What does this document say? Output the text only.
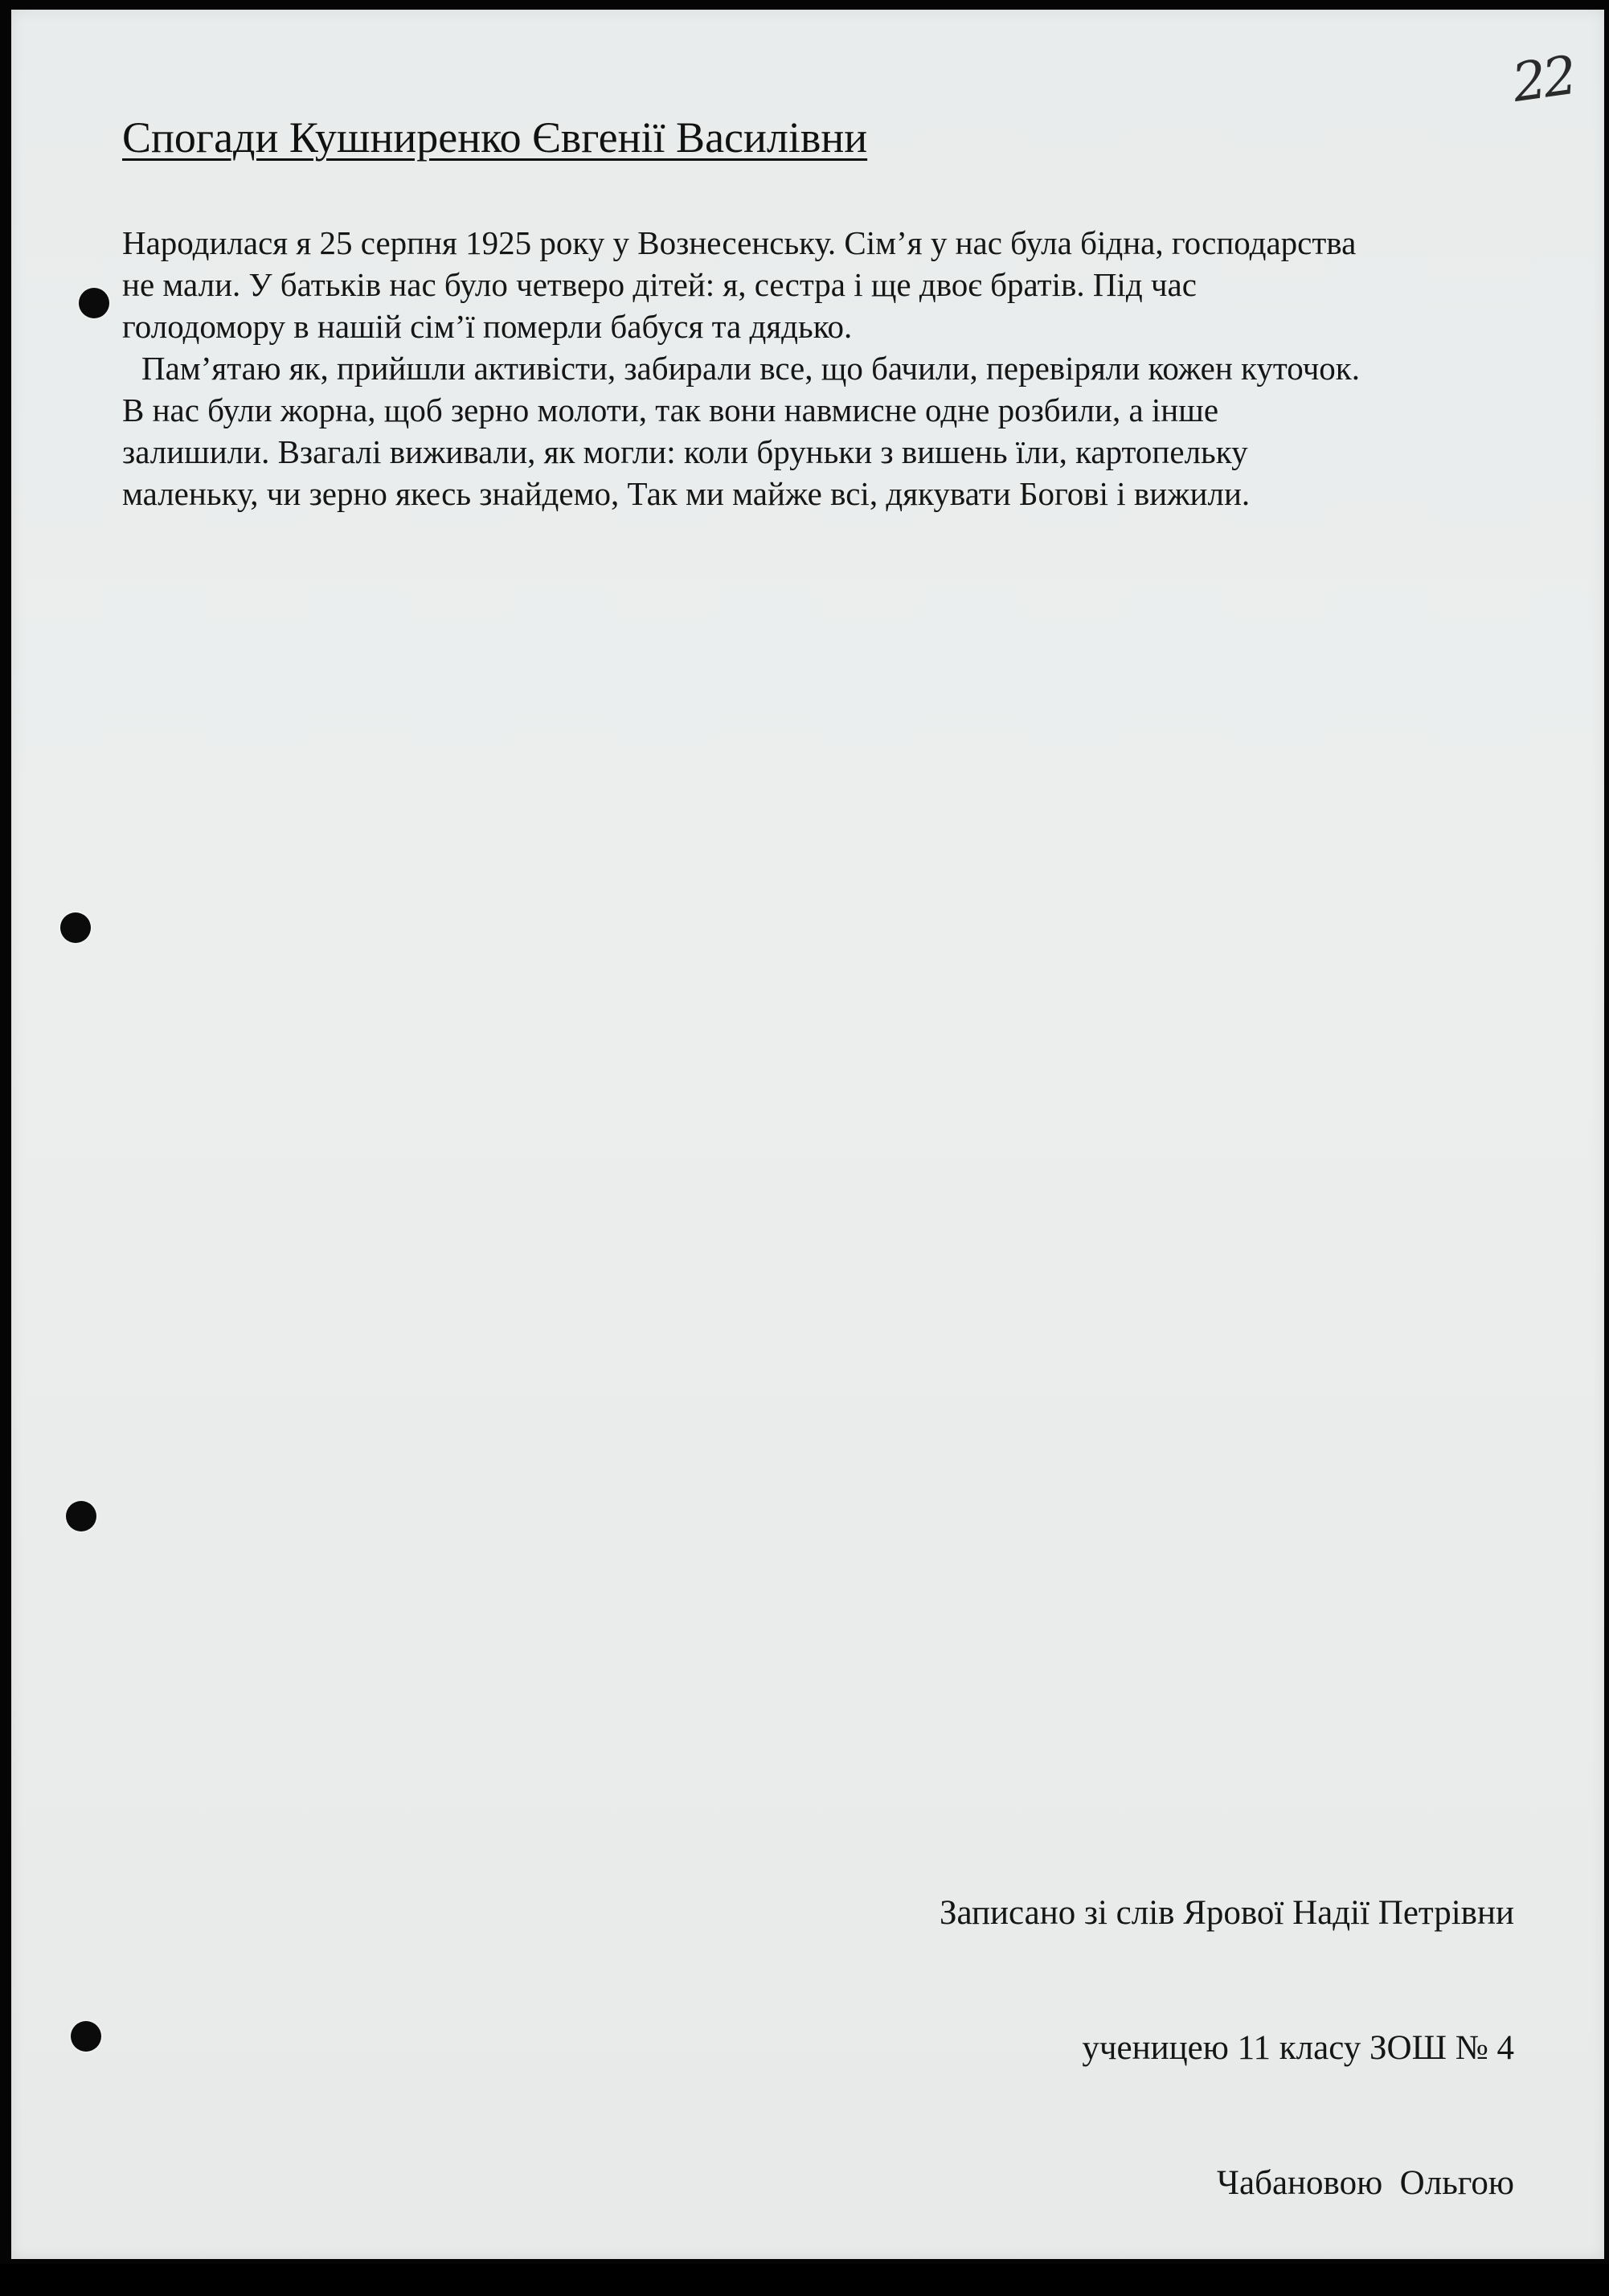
22
Спогади Кушниренко Євгенії Василівни

Народилася я 25 серпня 1925 року у Вознесенську. Сім’я у нас була бідна, господарства
не мали. У батьків нас було четверо дітей: я, сестра і ще двоє братів. Під час
голодомору в нашій сім’ї померли бабуся та дядько.

Пам’ятаю як, прийшли активісти, забирали все, що бачили, перевіряли кожен куточок.
В нас були жорна, щоб зерно молоти, так вони навмисне одне розбили, а інше
залишили. Взагалі виживали, як могли: коли бруньки з вишень їли, картопельку
маленьку, чи зерно якесь знайдемо, Так ми майже всі, дякувати Богові і вижили.

Записано зі слів Ярової Надії Петрівни

ученицею 11 класу ЗОШ № 4

Чабановою  Ольгою
